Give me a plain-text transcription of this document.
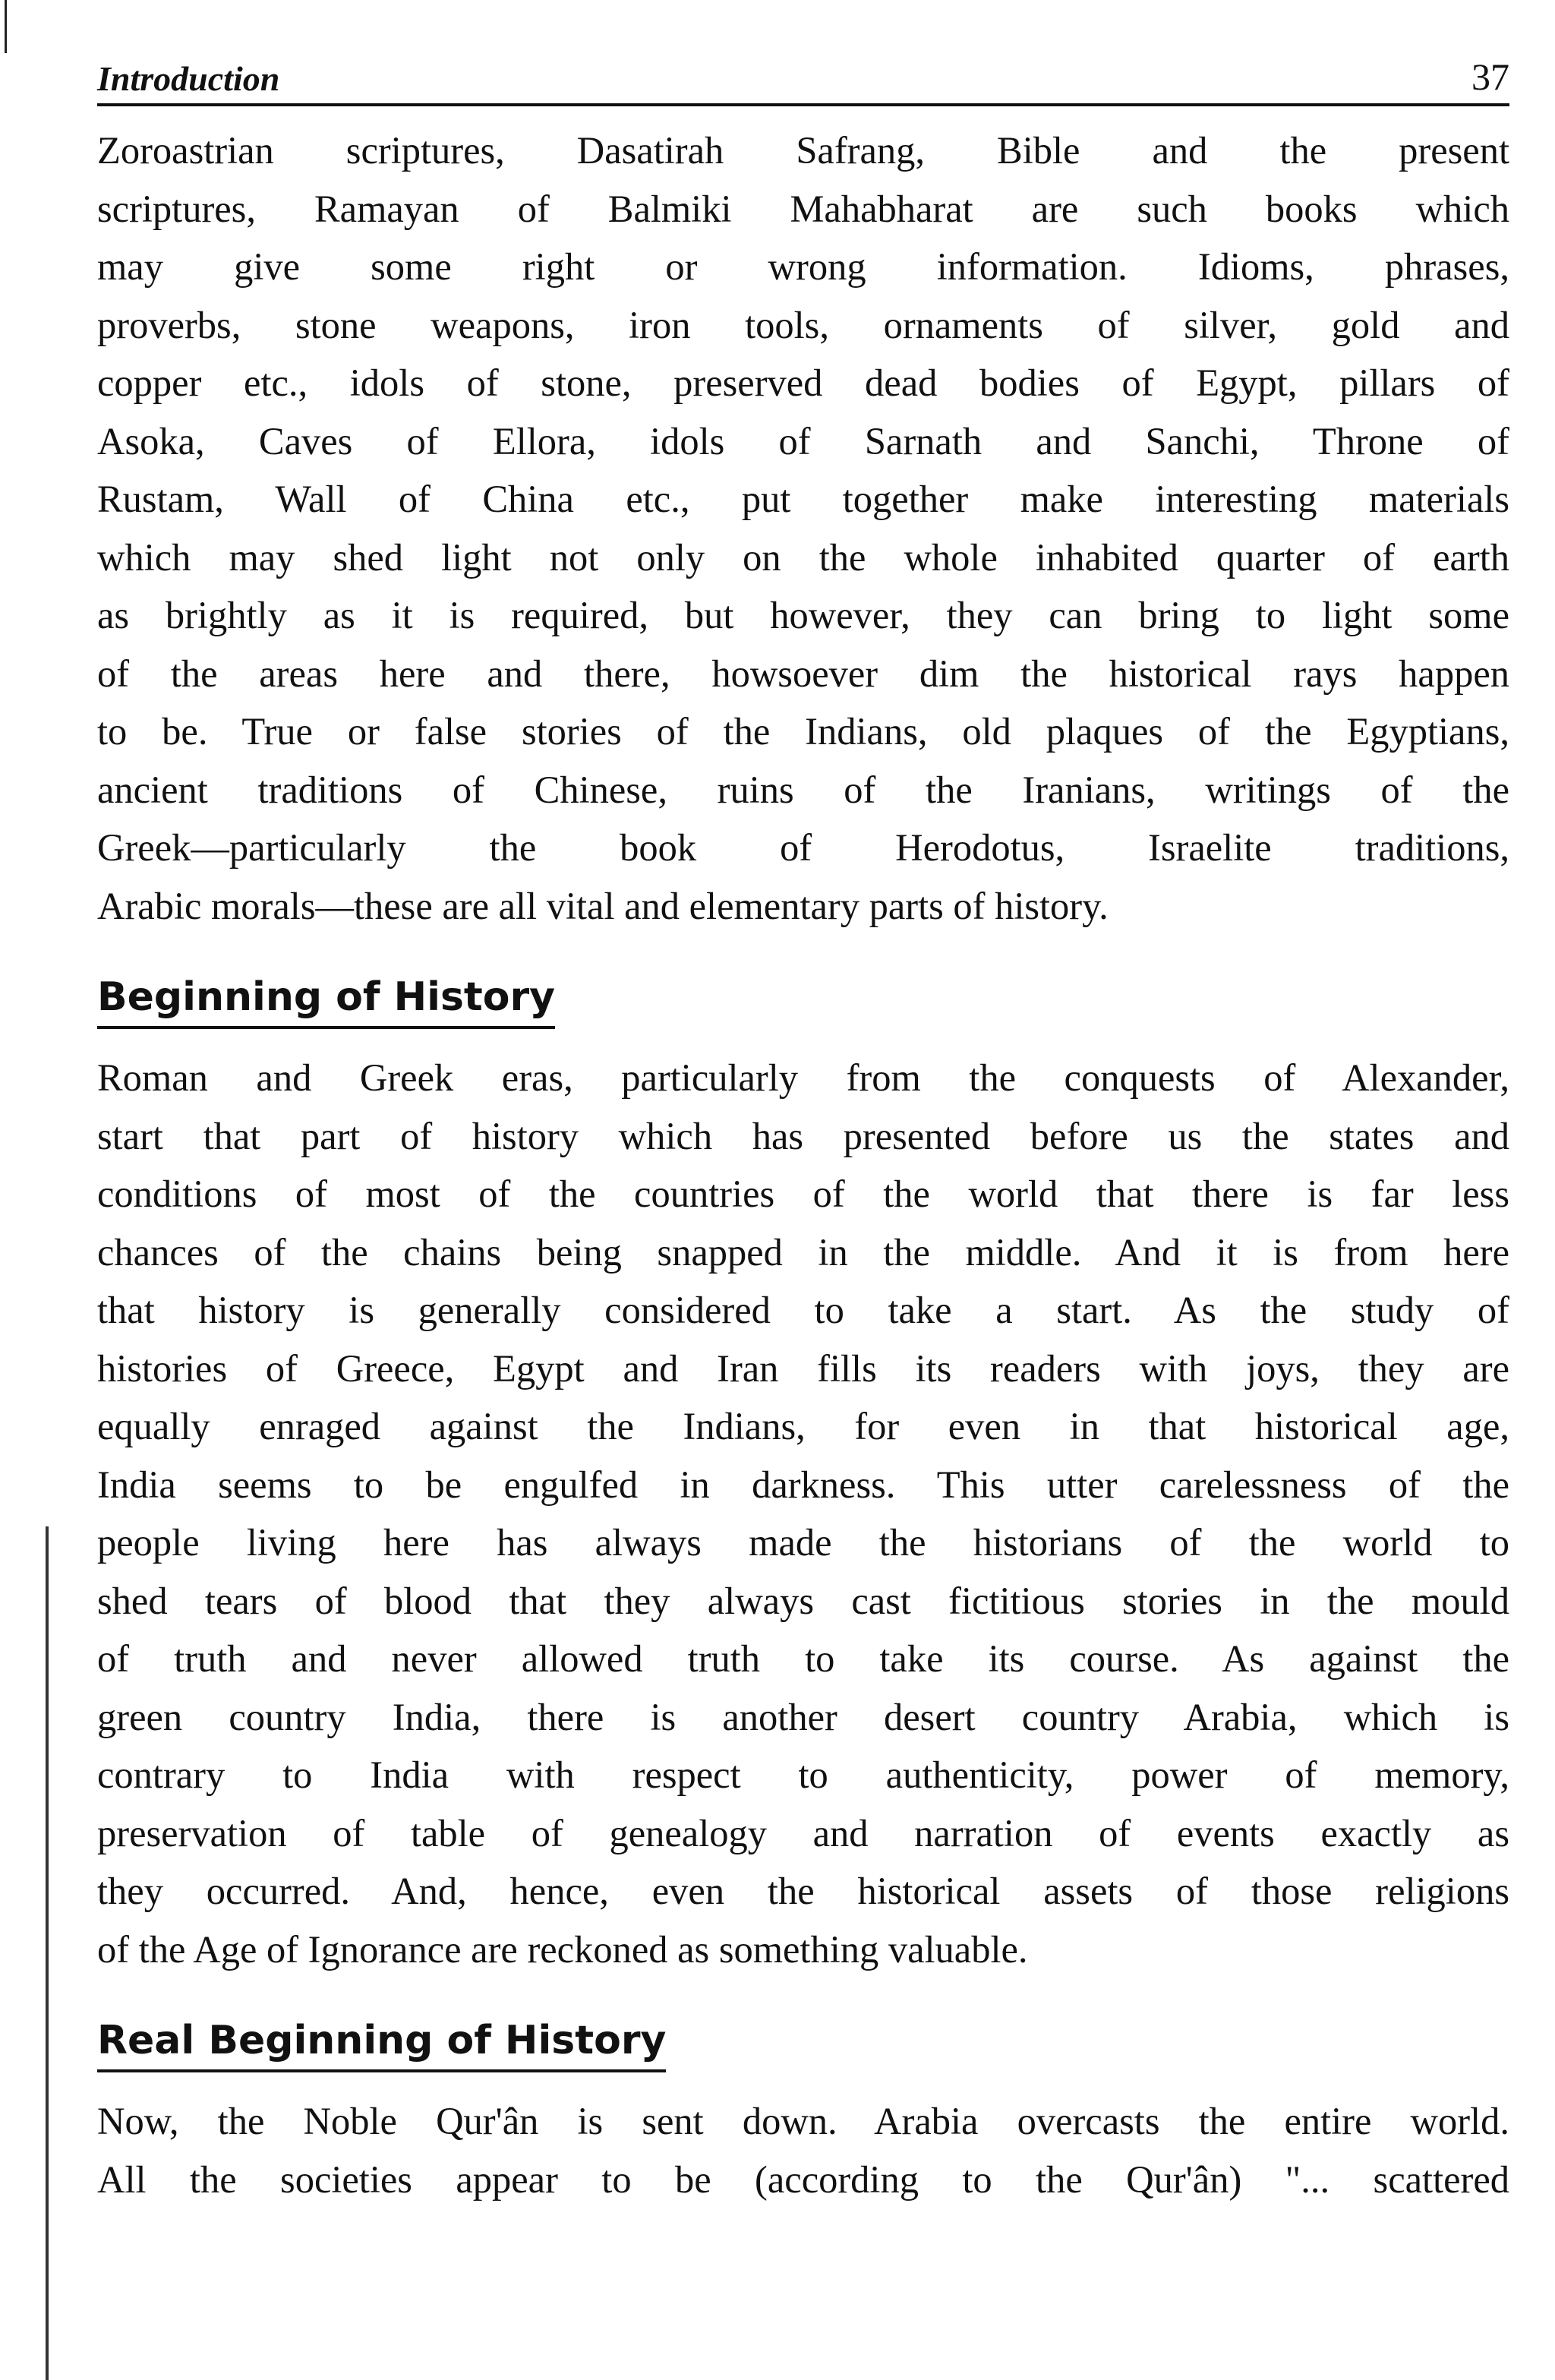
Introduction	37

Zoroastrian scriptures, Dasatirah Safrang, Bible and the present
scriptures, Ramayan of Balmiki Mahabharat are such books which
may give some right or wrong information. Idioms, phrases,
proverbs, stone weapons, iron tools, ornaments of silver, gold and
copper etc., idols of stone, preserved dead bodies of Egypt, pillars of
Asoka, Caves of Ellora, idols of Sarnath and Sanchi, Throne of
Rustam, Wall of China etc., put together make interesting materials
which may shed light not only on the whole inhabited quarter of earth
as brightly as it is required, but however, they can bring to light some
of the areas here and there, howsoever dim the historical rays happen
to be. True or false stories of the Indians, old plaques of the Egyptians,
ancient traditions of Chinese, ruins of the Iranians, writings of the
Greek—particularly the book of Herodotus, Israelite traditions,
Arabic morals—these are all vital and elementary parts of history.

Beginning of History

Roman and Greek eras, particularly from the conquests of Alexander,
start that part of history which has presented before us the states and
conditions of most of the countries of the world that there is far less
chances of the chains being snapped in the middle. And it is from here
that history is generally considered to take a start. As the study of
histories of Greece, Egypt and Iran fills its readers with joys, they are
equally enraged against the Indians, for even in that historical age,
India seems to be engulfed in darkness. This utter carelessness of the
people living here has always made the historians of the world to
shed tears of blood that they always cast fictitious stories in the mould
of truth and never allowed truth to take its course. As against the
green country India, there is another desert country Arabia, which is
contrary to India with respect to authenticity, power of memory,
preservation of table of genealogy and narration of events exactly as
they occurred. And, hence, even the historical assets of those religions
of the Age of Ignorance are reckoned as something valuable.

Real Beginning of History

Now, the Noble Qur'ân is sent down. Arabia overcasts the entire world.
All the societies appear to be (according to the Qur'ân) "... scattered
